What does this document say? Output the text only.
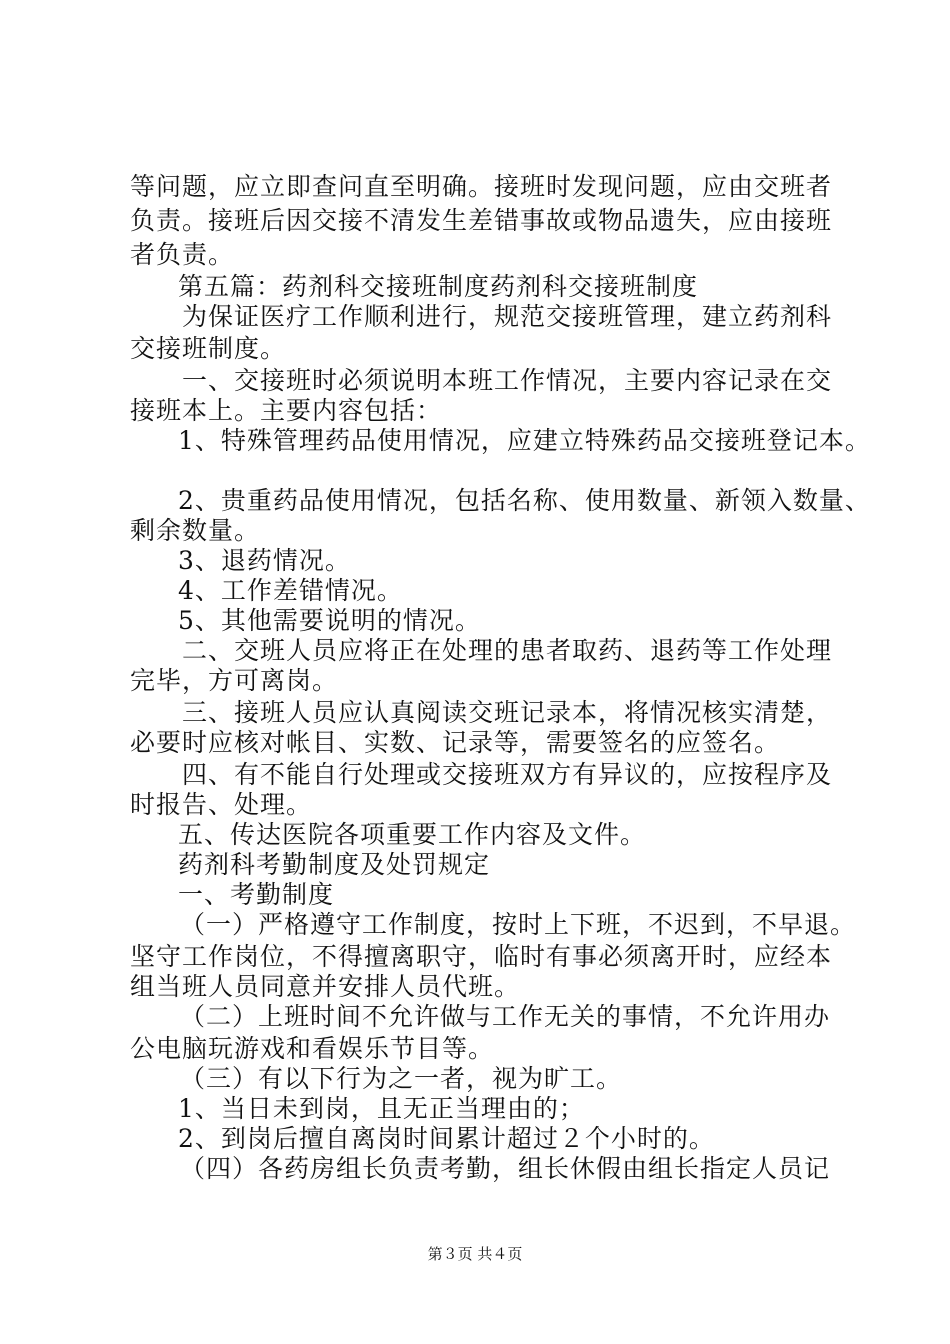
等问题，应立即查问直至明确。接班时发现问题，应由交班者
负责。接班后因交接不清发生差错事故或物品遗失，应由接班
者负责。
第五篇：药剂科交接班制度药剂科交接班制度
为保证医疗工作顺利进行，规范交接班管理，建立药剂科
交接班制度。
一、交接班时必须说明本班工作情况，主要内容记录在交
接班本上。主要内容包括：
1、特殊管理药品使用情况，应建立特殊药品交接班登记本。
2、贵重药品使用情况，包括名称、使用数量、新领入数量、
剩余数量。
3、退药情况。
4、工作差错情况。
5、其他需要说明的情况。
二、交班人员应将正在处理的患者取药、退药等工作处理
完毕，方可离岗。
三、接班人员应认真阅读交班记录本，将情况核实清楚，
必要时应核对帐目、实数、记录等，需要签名的应签名。
四、有不能自行处理或交接班双方有异议的，应按程序及
时报告、处理。
五、传达医院各项重要工作内容及文件。
药剂科考勤制度及处罚规定
一、考勤制度
（一）严格遵守工作制度，按时上下班，不迟到，不早退。
坚守工作岗位，不得擅离职守，临时有事必须离开时，应经本
组当班人员同意并安排人员代班。
（二）上班时间不允许做与工作无关的事情，不允许用办
公电脑玩游戏和看娱乐节目等。
（三）有以下行为之一者，视为旷工。
1、当日未到岗，且无正当理由的；
2、到岗后擅自离岗时间累计超过２个小时的。
（四）各药房组长负责考勤，组长休假由组长指定人员记
第３页 共４页
